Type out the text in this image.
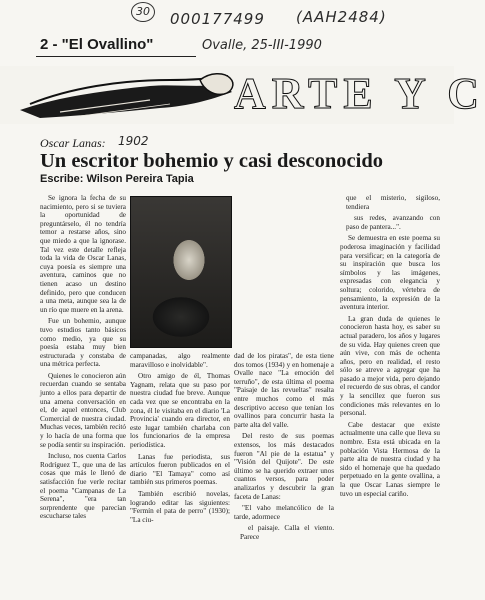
30	000177499 (AAH2484)
2 - "El Ovallino"	Ovalle, 25-III-1990
ARTE Y C
Oscar Lanas: 1902
Un escritor bohemio y casi desconocido
Escribe: Wilson Pereira Tapia

Se ignora la fecha de su nacimiento, pero si se tuviera la oportunidad de preguntárselo, él no tendría temor a restarse años, sino que miedo a que la ignorase. Tal vez este detalle refleja toda la vida de Oscar Lanas, cuya poesía es siempre una aventura, caminos que no tienen acaso un destino definido, pero que conducen a una meta, aunque sea la de un río que muere en la arena.

Fue un bohemio, aunque tuvo estudios tanto básicos como medio, ya que su poesía estaba muy bien estructurada y constaba de una métrica perfecta.

Quienes le conocieron aún recuerdan cuando se sentaba junto a ellos para departir de una amena conversación en el, de aquel entonces, Club Comercial de nuestra ciudad. Muchas veces, también recitó y lo hacía de una forma que se podía sentir su inspiración.

Incluso, nos cuenta Carlos Rodríguez T., que una de las cosas que más le llenó de satisfacción fue verle recitar el poema "Campanas de La Serena", "era tan sorprendente que parecían escucharse tales

campanadas, algo realmente maravilloso e inolvidable".

Otro amigo de él, Thomas Yagnam, relata que su paso por nuestra ciudad fue breve. Aunque cada vez que se encontraba en la zona, él le visitaba en el diario 'La Provincia' cuando era director, en este lugar también charlaba con los funcionarios de la empresa periodística.

Lanas fue periodista, sus artículos fueron publicados en el diario "El Tamaya" como así también sus primeros poemas.

También escribió novelas, logrando editar las siguientes: "Fermín el pata de perro" (1930); "La ciu-

dad de los piratas", de esta tiene dos tomos (1934) y en homenaje a Ovalle nace "La emoción del terruño", de esta última el poema "Paisaje de las revueltas" resalta entre muchos como el más descriptivo acceso que tenían los ovallinos para concurrir hasta la parte alta del valle.

Del resto de sus poemas extensos, los más destacados fueron "Al pie de la estatua" y "Visión del Quijote". De este último se ha querido extraer unos cuantos versos, para poder analizarlos y descubrir la gran faceta de Lanas:

"El vaho melancólico de la tarde, adormece

el paisaje. Calla el viento. Parece

que el misterio, sigiloso, tendiera

sus redes, avanzando con paso de pantera...".

Se demuestra en este poema su poderosa imaginación y facilidad para versificar; en la categoría de su inspiración que busca los símbolos y las imágenes, expresadas con elegancia y soltura; colorido, vértebra de pensamiento, la expresión de la aventura interior.

La gran duda de quienes le conocieron hasta hoy, es saber su actual paradero, los años y lugares de su vida. Hay quienes creen que aún vive, con más de ochenta años, pero en realidad, el resto sólo se atreve a agregar que ha pasado a mejor vida, pero dejando el recuerdo de sus obras, el candor y la sencillez que fueron sus condiciones más relevantes en lo personal.

Cabe destacar que existe actualmente una calle que lleva su nombre. Esta está ubicada en la población Vista Hermosa de la parte alta de nuestra ciudad y ha sido el homenaje que ha quedado perpetuado en la gente ovallina, a la que Oscar Lanas siempre le tuvo un especial cariño.
